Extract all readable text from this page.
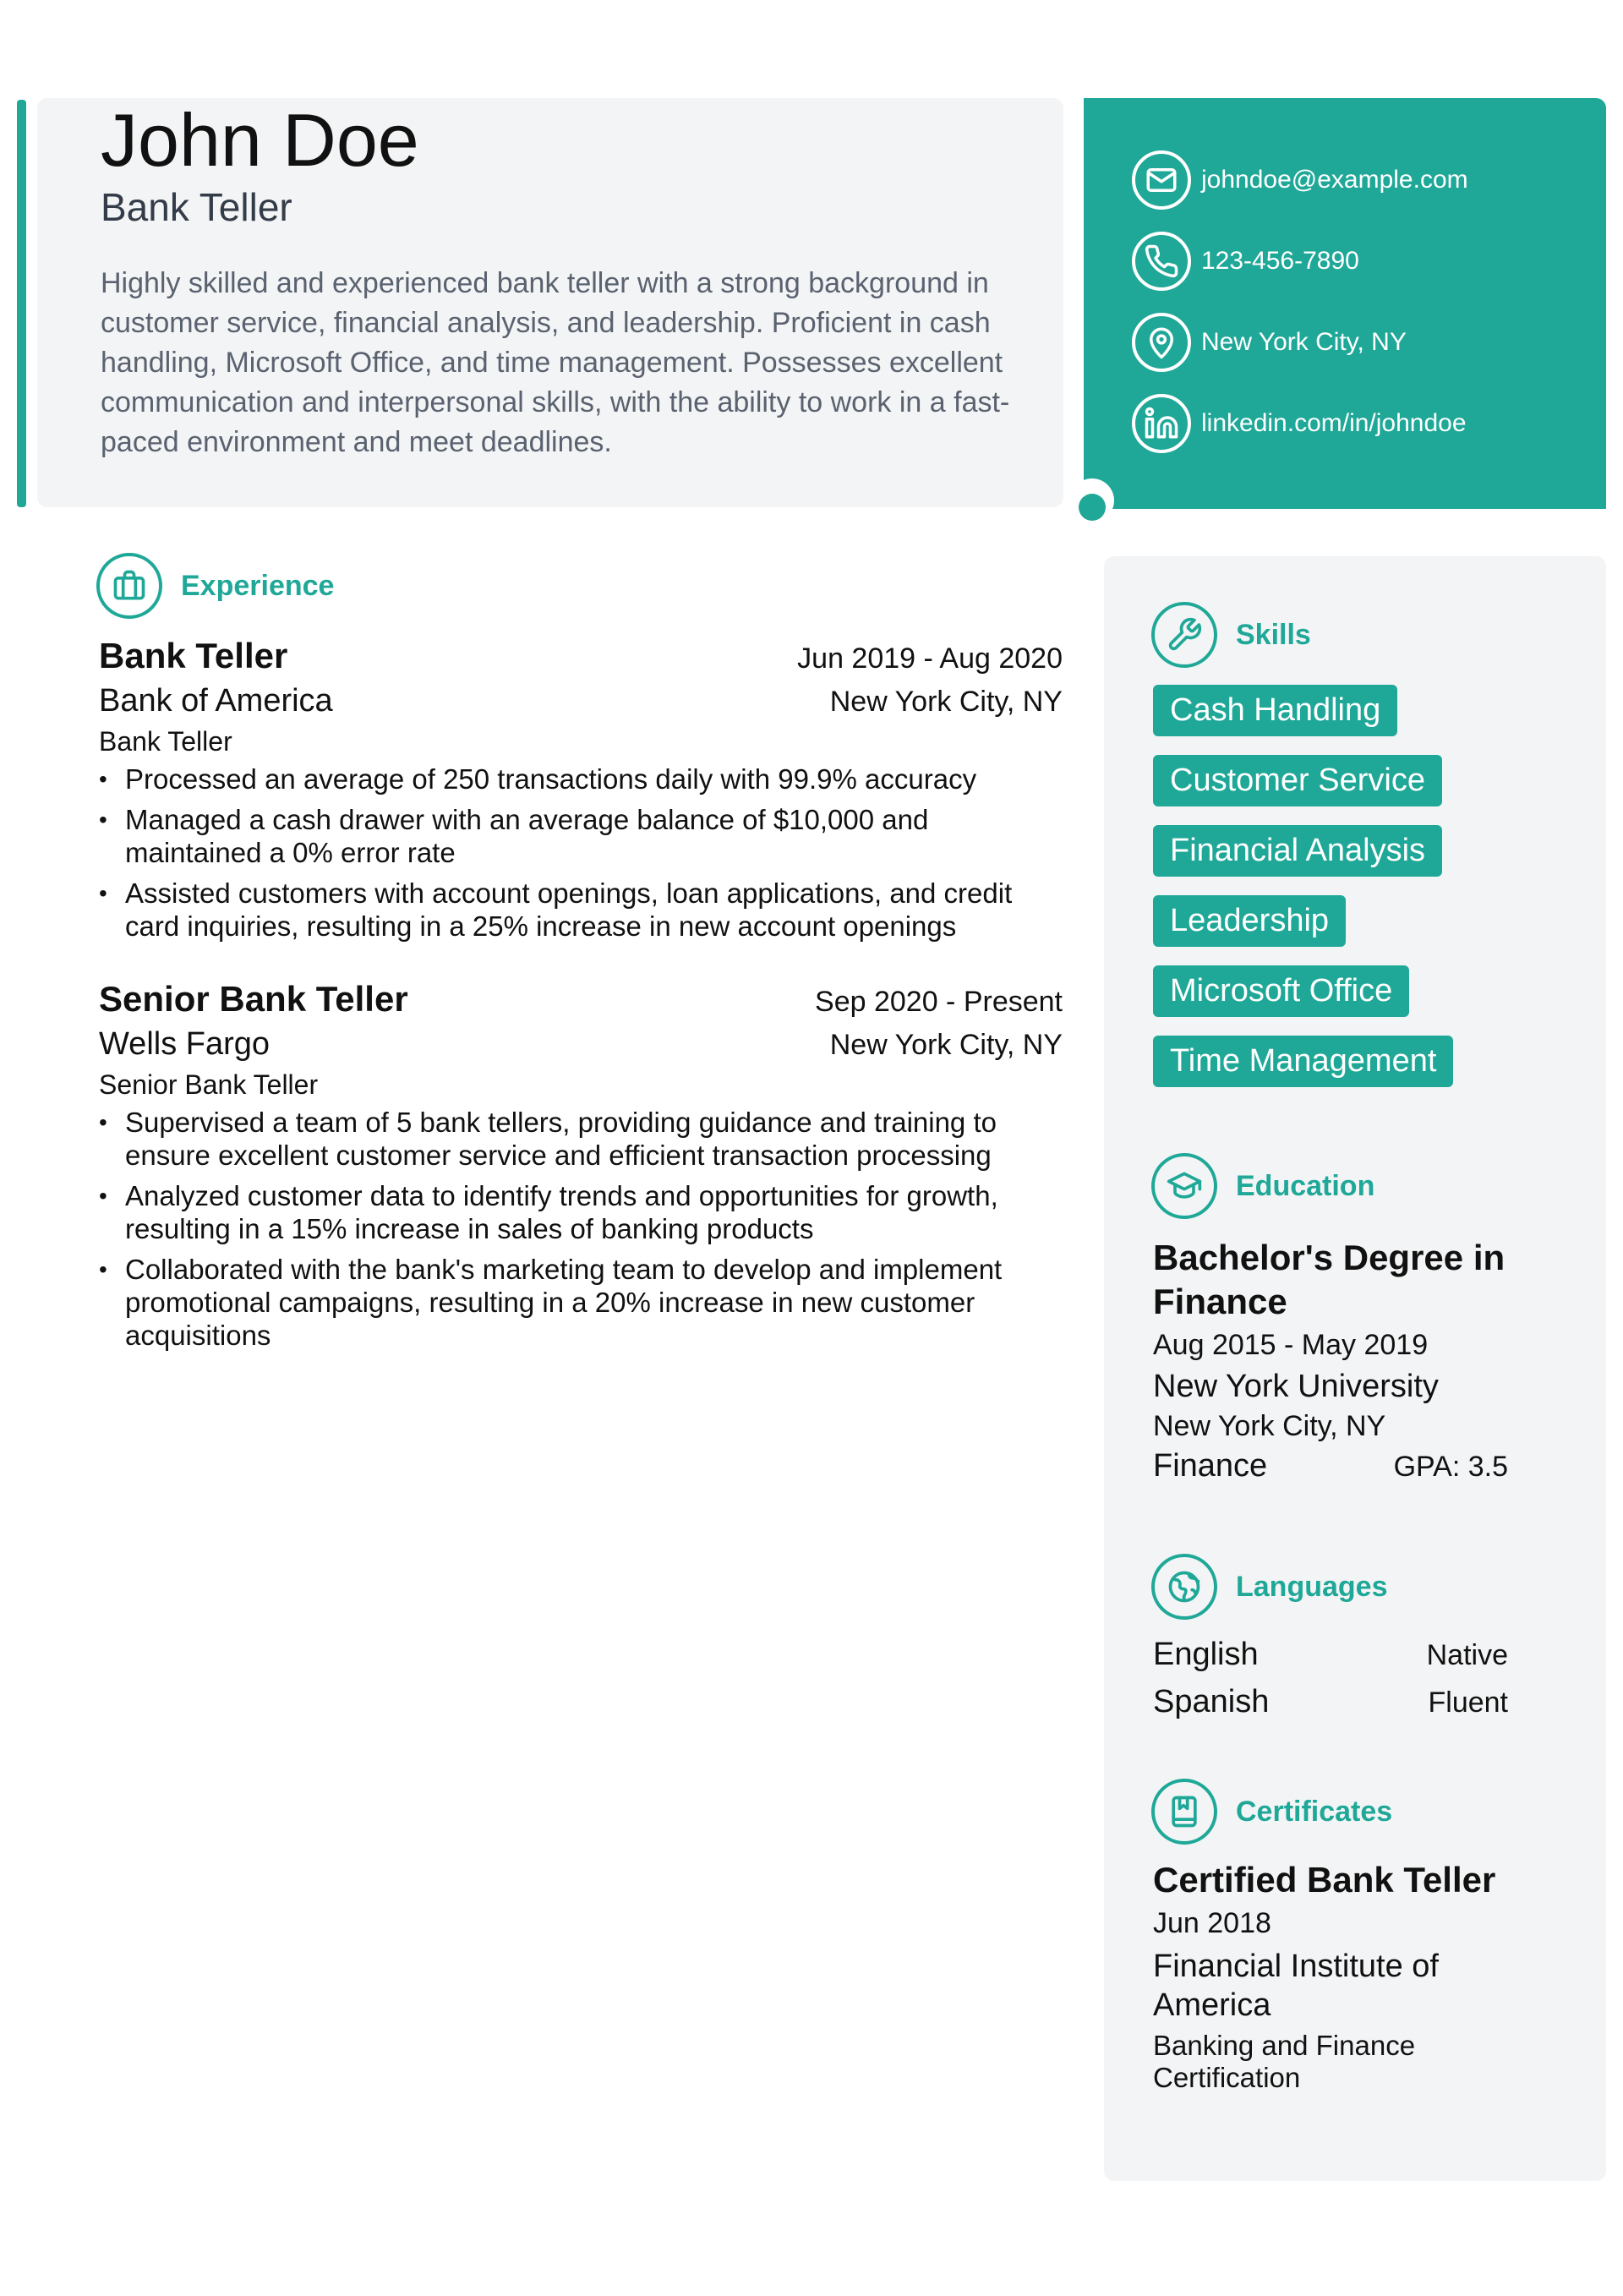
John Doe
Bank Teller
Highly skilled and experienced bank teller with a strong background in customer service, financial analysis, and leadership. Proficient in cash handling, Microsoft Office, and time management. Possesses excellent communication and interpersonal skills, with the ability to work in a fast-paced environment and meet deadlines.
johndoe@example.com
123-456-7890
New York City, NY
linkedin.com/in/johndoe
Experience
Bank Teller	Jun 2019 - Aug 2020
Bank of America	New York City, NY
Bank Teller
• Processed an average of 250 transactions daily with 99.9% accuracy
• Managed a cash drawer with an average balance of $10,000 and maintained a 0% error rate
• Assisted customers with account openings, loan applications, and credit card inquiries, resulting in a 25% increase in new account openings
Senior Bank Teller	Sep 2020 - Present
Wells Fargo	New York City, NY
Senior Bank Teller
• Supervised a team of 5 bank tellers, providing guidance and training to ensure excellent customer service and efficient transaction processing
• Analyzed customer data to identify trends and opportunities for growth, resulting in a 15% increase in sales of banking products
• Collaborated with the bank's marketing team to develop and implement promotional campaigns, resulting in a 20% increase in new customer acquisitions
Skills
Cash Handling
Customer Service
Financial Analysis
Leadership
Microsoft Office
Time Management
Education
Bachelor's Degree in Finance
Aug 2015 - May 2019
New York University
New York City, NY
Finance	GPA: 3.5
Languages
English	Native
Spanish	Fluent
Certificates
Certified Bank Teller
Jun 2018
Financial Institute of America
Banking and Finance Certification
